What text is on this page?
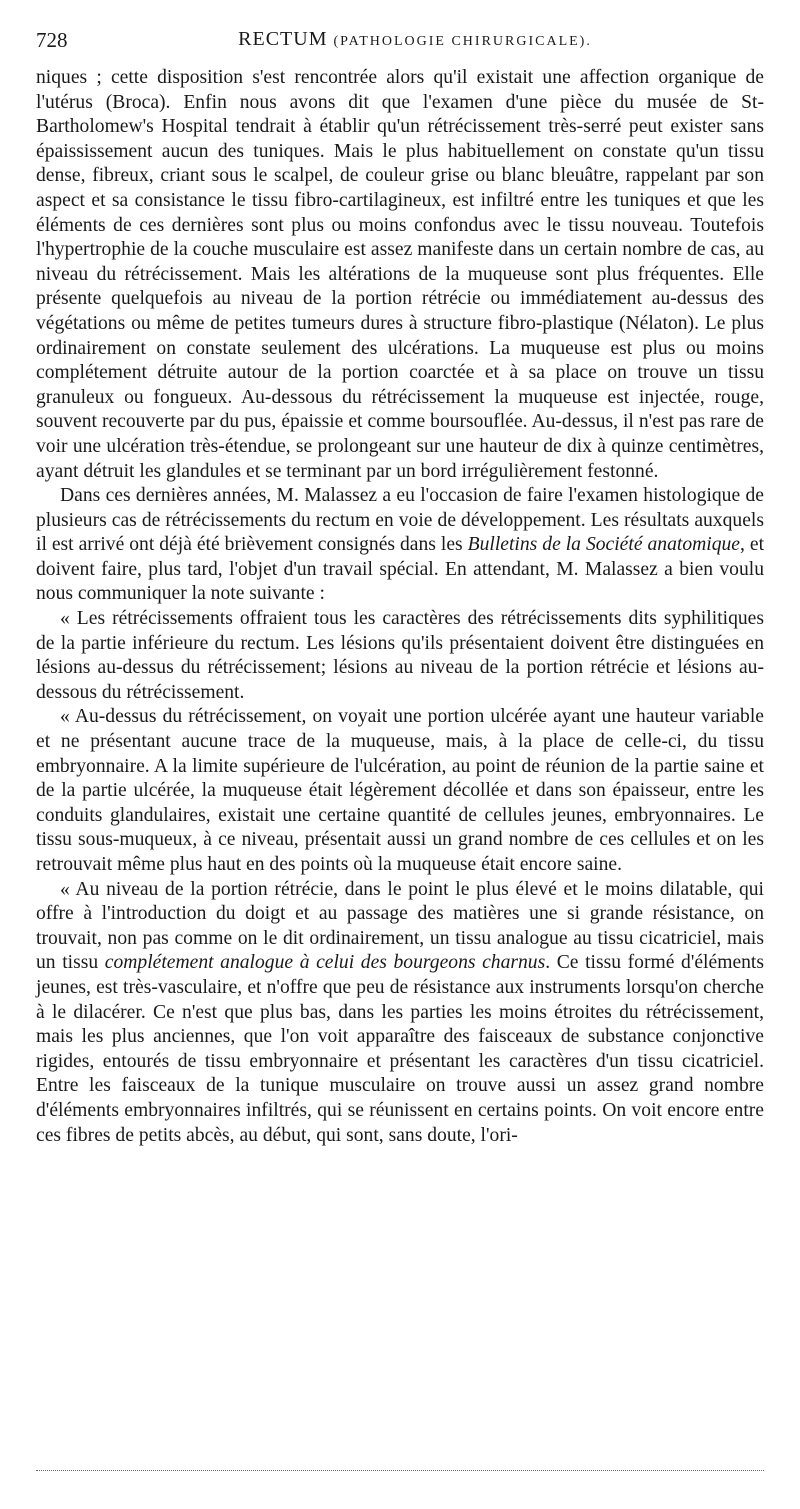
728	RECTUM (PATHOLOGIE CHIRURGICALE).

niques ; cette disposition s'est rencontrée alors qu'il existait une affection organique de l'utérus (Broca). Enfin nous avons dit que l'examen d'une pièce du musée de St-Bartholomew's Hospital tendrait à établir qu'un rétrécissement très-serré peut exister sans épaississement aucun des tuniques. Mais le plus habituellement on constate qu'un tissu dense, fibreux, criant sous le scalpel, de couleur grise ou blanc bleuâtre, rappelant par son aspect et sa consistance le tissu fibro-cartilagineux, est infiltré entre les tuniques et que les éléments de ces dernières sont plus ou moins confondus avec le tissu nouveau. Toutefois l'hypertrophie de la couche musculaire est assez manifeste dans un certain nombre de cas, au niveau du rétrécissement. Mais les altérations de la muqueuse sont plus fréquentes. Elle présente quelquefois au niveau de la portion rétrécie ou immédiatement au-dessus des végétations ou même de petites tumeurs dures à structure fibro-plastique (Nélaton). Le plus ordinairement on constate seulement des ulcérations. La muqueuse est plus ou moins complétement détruite autour de la portion coarctée et à sa place on trouve un tissu granuleux ou fongueux. Au-dessous du rétrécissement la muqueuse est injectée, rouge, souvent recouverte par du pus, épaissie et comme boursouflée. Au-dessus, il n'est pas rare de voir une ulcération très-étendue, se prolongeant sur une hauteur de dix à quinze centimètres, ayant détruit les glandules et se terminant par un bord irrégulièrement festonné.

Dans ces dernières années, M. Malassez a eu l'occasion de faire l'examen histologique de plusieurs cas de rétrécissements du rectum en voie de développement. Les résultats auxquels il est arrivé ont déjà été brièvement consignés dans les Bulletins de la Société anatomique, et doivent faire, plus tard, l'objet d'un travail spécial. En attendant, M. Malassez a bien voulu nous communiquer la note suivante :

« Les rétrécissements offraient tous les caractères des rétrécissements dits syphilitiques de la partie inférieure du rectum. Les lésions qu'ils présentaient doivent être distinguées en lésions au-dessus du rétrécissement; lésions au niveau de la portion rétrécie et lésions au-dessous du rétrécissement.

« Au-dessus du rétrécissement, on voyait une portion ulcérée ayant une hauteur variable et ne présentant aucune trace de la muqueuse, mais, à la place de celle-ci, du tissu embryonnaire. A la limite supérieure de l'ulcération, au point de réunion de la partie saine et de la partie ulcérée, la muqueuse était légèrement décollée et dans son épaisseur, entre les conduits glandulaires, existait une certaine quantité de cellules jeunes, embryonnaires. Le tissu sous-muqueux, à ce niveau, présentait aussi un grand nombre de ces cellules et on les retrouvait même plus haut en des points où la muqueuse était encore saine.

« Au niveau de la portion rétrécie, dans le point le plus élevé et le moins dilatable, qui offre à l'introduction du doigt et au passage des matières une si grande résistance, on trouvait, non pas comme on le dit ordinairement, un tissu analogue au tissu cicatriciel, mais un tissu complétement analogue à celui des bourgeons charnus. Ce tissu formé d'éléments jeunes, est très-vasculaire, et n'offre que peu de résistance aux instruments lorsqu'on cherche à le dilacérer. Ce n'est que plus bas, dans les parties les moins étroites du rétrécissement, mais les plus anciennes, que l'on voit apparaître des faisceaux de substance conjonctive rigides, entourés de tissu embryonnaire et présentant les caractères d'un tissu cicatriciel. Entre les faisceaux de la tunique musculaire on trouve aussi un assez grand nombre d'éléments embryonnaires infiltrés, qui se réunissent en certains points. On voit encore entre ces fibres de petits abcès, au début, qui sont, sans doute, l'ori-
